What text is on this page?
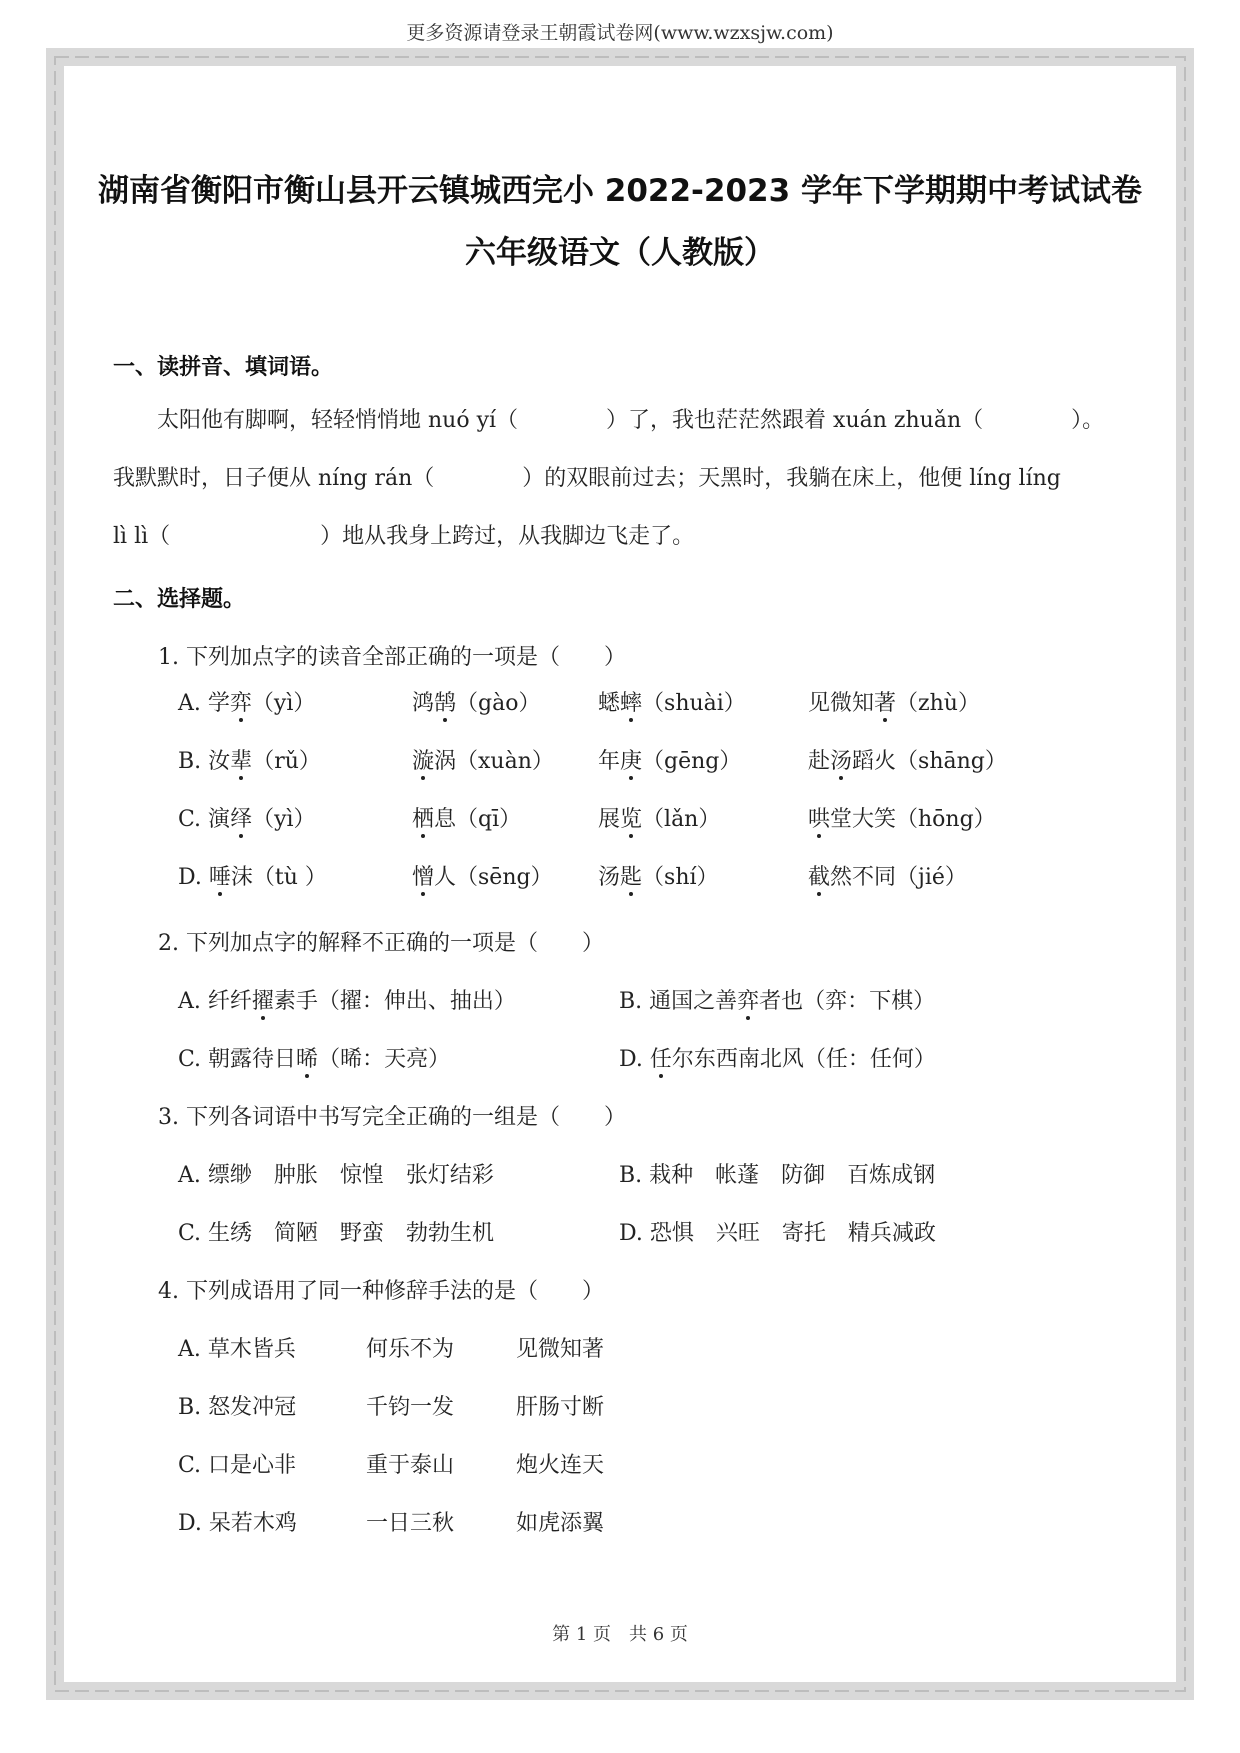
更多资源请登录王朝霞试卷网(www.wzxsjw.com)
湖南省衡阳市衡山县开云镇城西完小 2022-2023 学年下学期期中考试试卷
六年级语文（人教版）
一、读拼音、填词语。
太阳他有脚啊，轻轻悄悄地 nuó yí（	）了，我也茫茫然跟着 xuán zhuǎn（	）。
我默默时，日子便从 níng rán（	）的双眼前过去；天黑时，我躺在床上，他便 líng líng
lì lì（	）地从我身上跨过，从我脚边飞走了。
二、选择题。
1. 下列加点字的读音全部正确的一项是（　　）
A. 学弈（yì）	鸿鹄（gào）	蟋蟀（shuài）	见微知著（zhù）
B. 汝辈（rǔ）	漩涡（xuàn） 年庚（gēng）	赴汤蹈火（shāng）
C. 演绎（yì）	栖息（qī）	展览（lǎn）	哄堂大笑（hōng）
D. 唾沫（tù ）	憎人（sēng） 汤匙（shí）	截然不同（jié）
2. 下列加点字的解释不正确的一项是（　　）
A. 纤纤擢素手（擢：伸出、抽出）	B. 通国之善弈者也（弈：下棋）
C. 朝露待日晞（晞：天亮）	D. 任尔东西南北风（任：任何）
3. 下列各词语中书写完全正确的一组是（　　）
A. 缥缈　肿胀　惊惶　张灯结彩	B. 栽种　帐蓬　防御　百炼成钢
C. 生绣　简陋　野蛮　勃勃生机	D. 恐惧　兴旺　寄托　精兵减政
4. 下列成语用了同一种修辞手法的是（　　）
A. 草木皆兵	何乐不为	见微知著
B. 怒发冲冠	千钧一发	肝肠寸断
C. 口是心非	重于泰山	炮火连天
D. 呆若木鸡	一日三秋	如虎添翼
第 1 页　共 6 页
